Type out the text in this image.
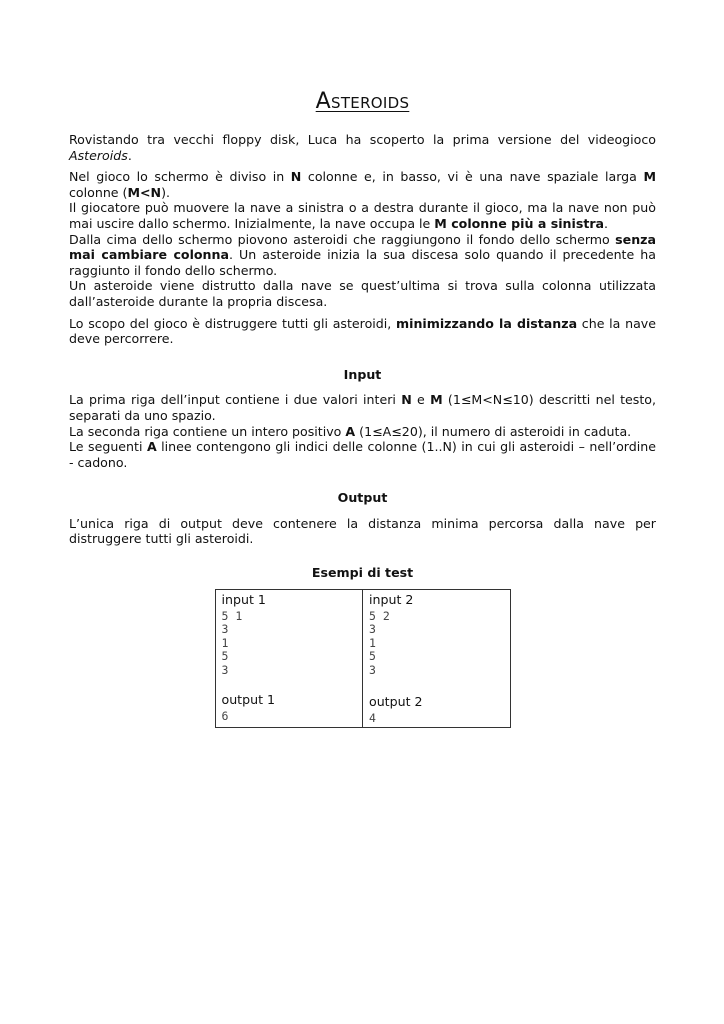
Asteroids

Rovistando tra vecchi floppy disk, Luca ha scoperto la prima versione del videogioco Asteroids.

Nel gioco lo schermo è diviso in N colonne e, in basso, vi è una nave spaziale larga M colonne (M<N).
Il giocatore può muovere la nave a sinistra o a destra durante il gioco, ma la nave non può mai uscire dallo schermo. Inizialmente, la nave occupa le M colonne più a sinistra.
Dalla cima dello schermo piovono asteroidi che raggiungono il fondo dello schermo senza mai cambiare colonna. Un asteroide inizia la sua discesa solo quando il precedente ha raggiunto il fondo dello schermo.
Un asteroide viene distrutto dalla nave se quest’ultima si trova sulla colonna utilizzata dall’asteroide durante la propria discesa.

Lo scopo del gioco è distruggere tutti gli asteroidi, minimizzando la distanza che la nave deve percorrere.

Input

La prima riga dell’input contiene i due valori interi N e M (1≤M<N≤10) descritti nel testo, separati da uno spazio.
La seconda riga contiene un intero positivo A (1≤A≤20), il numero di asteroidi in caduta.
Le seguenti A linee contengono gli indici delle colonne (1..N) in cui gli asteroidi – nell’ordine - cadono.

Output

L’unica riga di output deve contenere la distanza minima percorsa dalla nave per distruggere tutti gli asteroidi.

Esempi di test
input 1
5 1
3
1
5
3
output 1
6

input 2
5 2
3
1
5
3
output 2
4
